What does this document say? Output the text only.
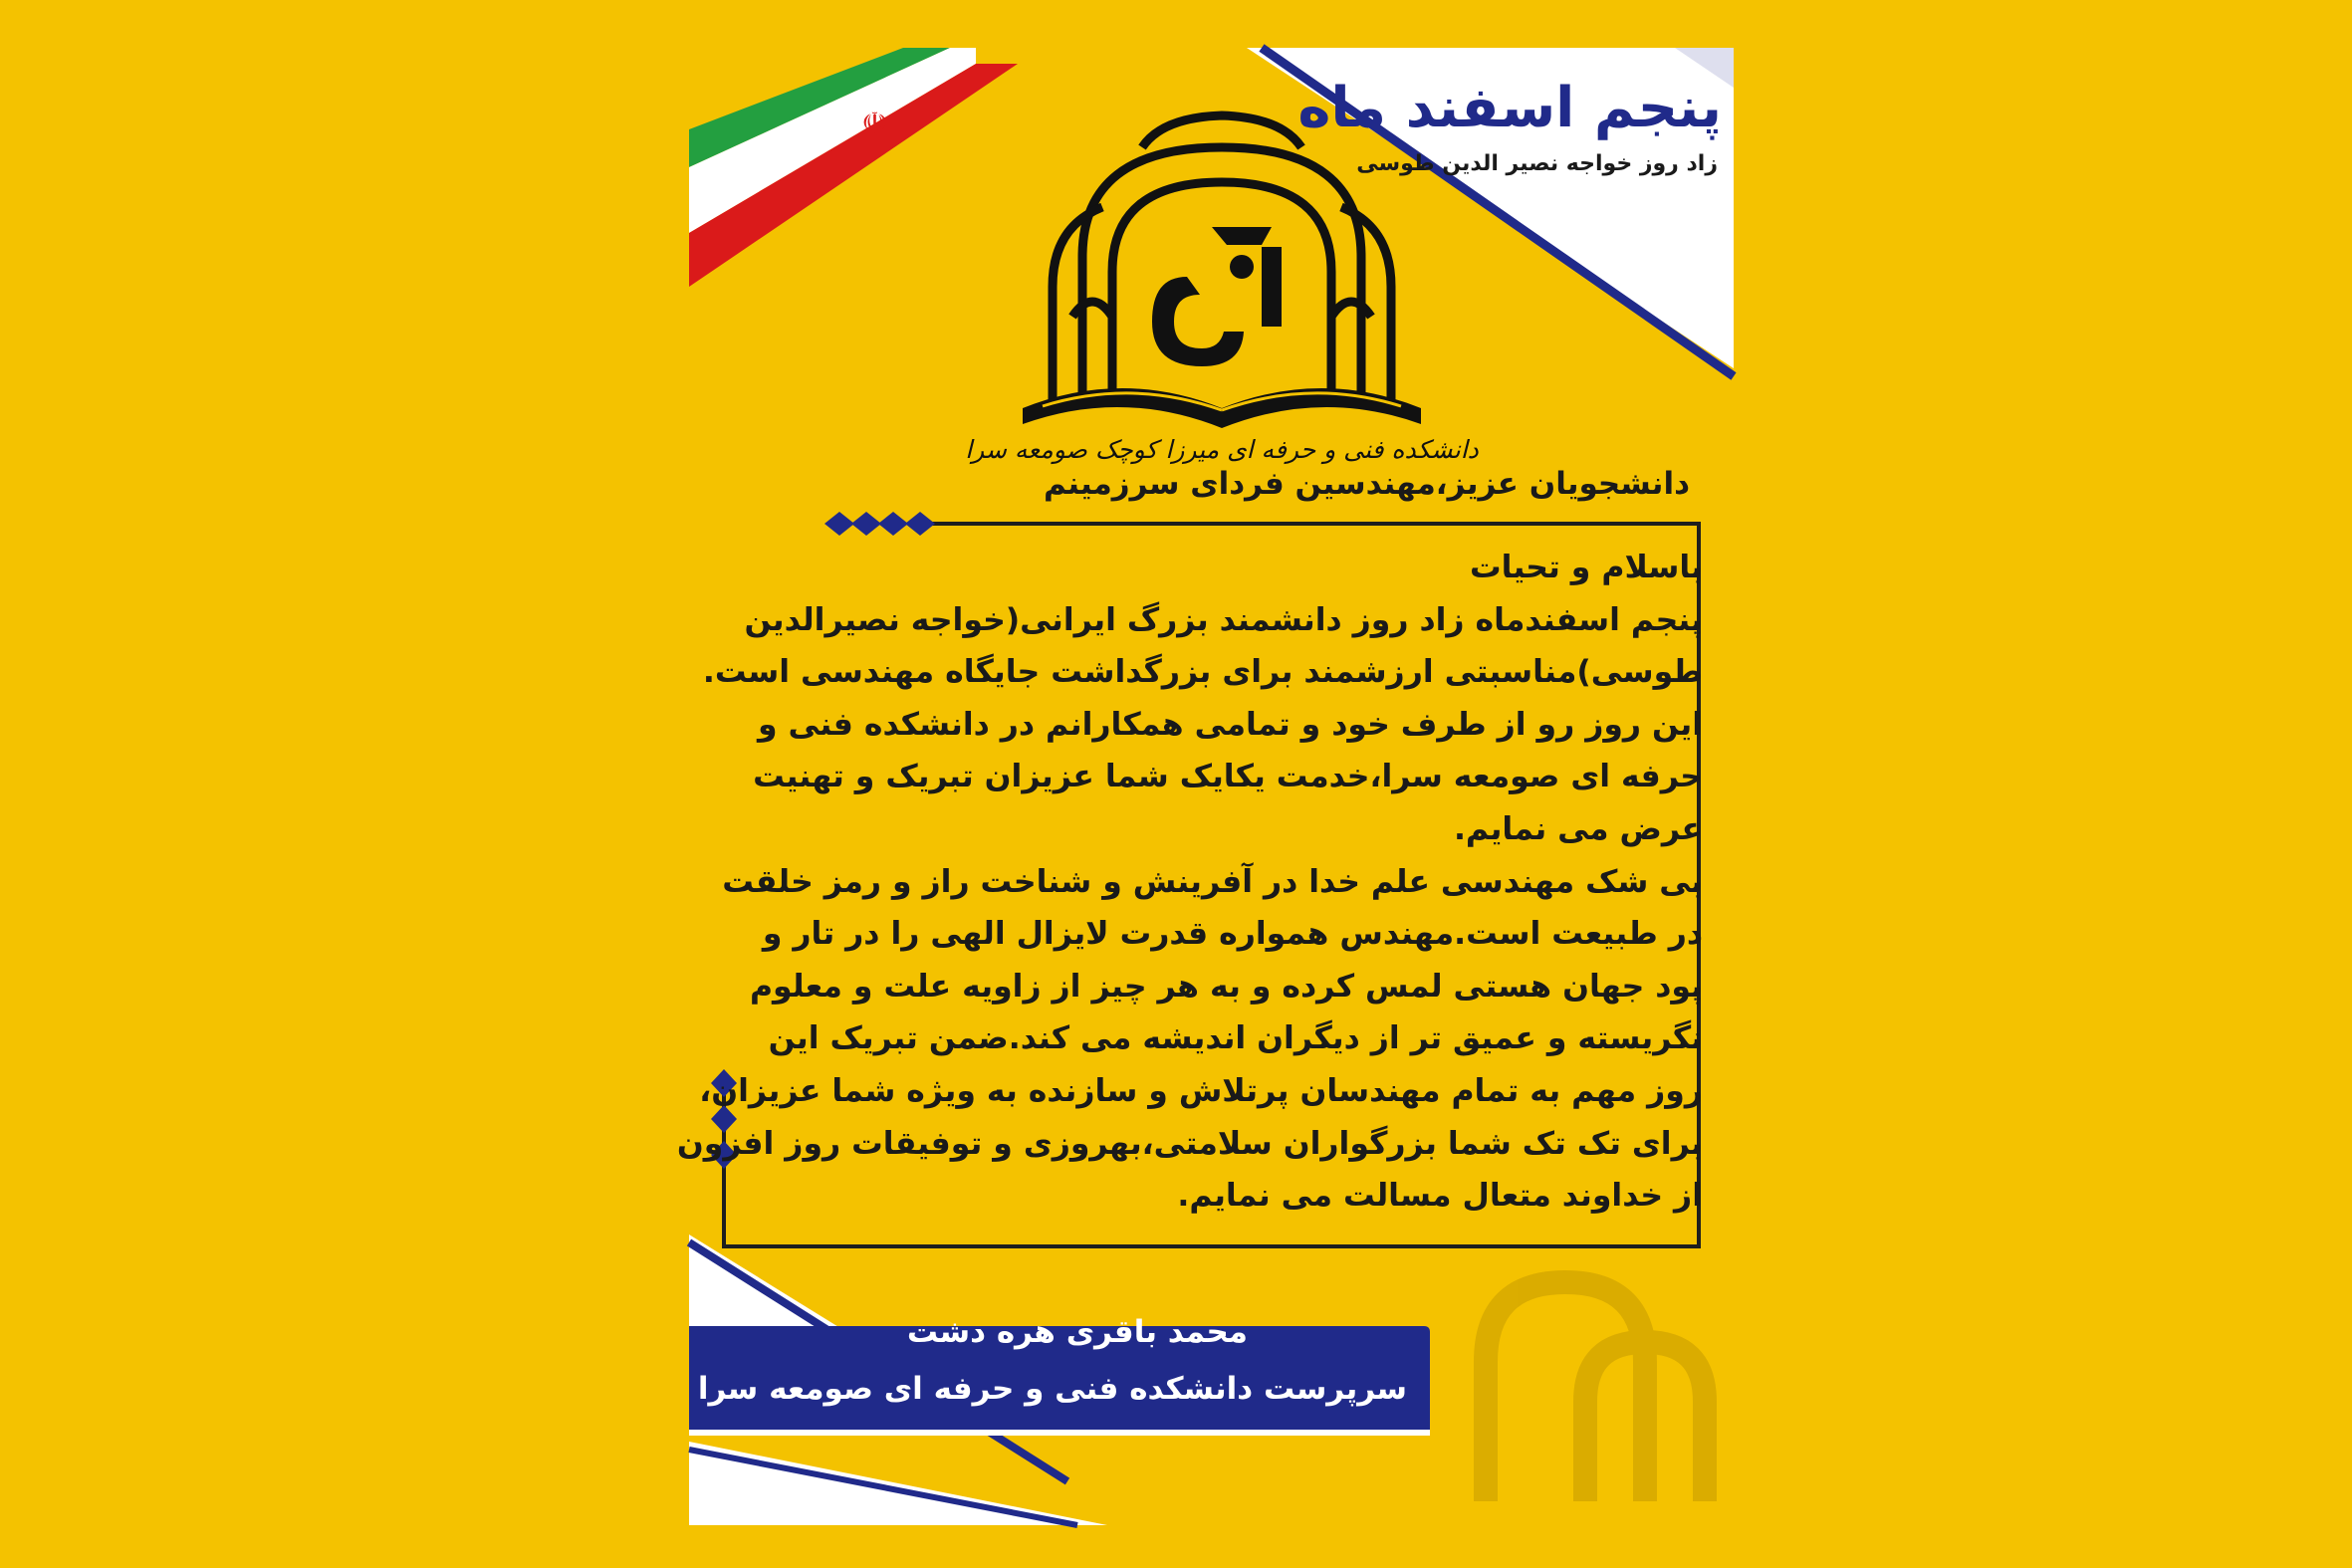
☫	پنجم اسفند ماه
زاد روز خواجه نصیر الدین طوسی
دانشکده فنی و حرفه ای میرزا کوچک صومعه سرا
دانشجویان عزیز،مهندسین فردای سرزمینم
باسلام و تحیات
پنجم اسفندماه زاد روز دانشمند بزرگ ایرانی(خواجه نصیرالدین
طوسی)مناسبتی ارزشمند برای بزرگداشت جایگاه مهندسی است.
این روز رو از طرف خود و تمامی همکارانم در دانشکده فنی و
حرفه ای صومعه سرا،خدمت یکایک شما عزیزان تبریک و تهنیت
عرض می نمایم.
بی شک مهندسی علم خدا در آفرینش و شناخت راز و رمز خلقت
در طبیعت است.مهندس همواره قدرت لایزال الهی را در تار و
پود جهان هستی لمس کرده و به هر چیز از زاویه علت و معلوم
نگریسته و عمیق تر از دیگران اندیشه می کند.ضمن تبریک این
روز مهم به تمام مهندسان پرتلاش و سازنده به ویژه شما عزیزان،
برای تک تک شما بزرگواران سلامتی،بهروزی و توفیقات روز افزون
از خداوند متعال مسالت می نمایم.
محمد باقری هره دشت
سرپرست دانشکده فنی و حرفه ای صومعه سرا
